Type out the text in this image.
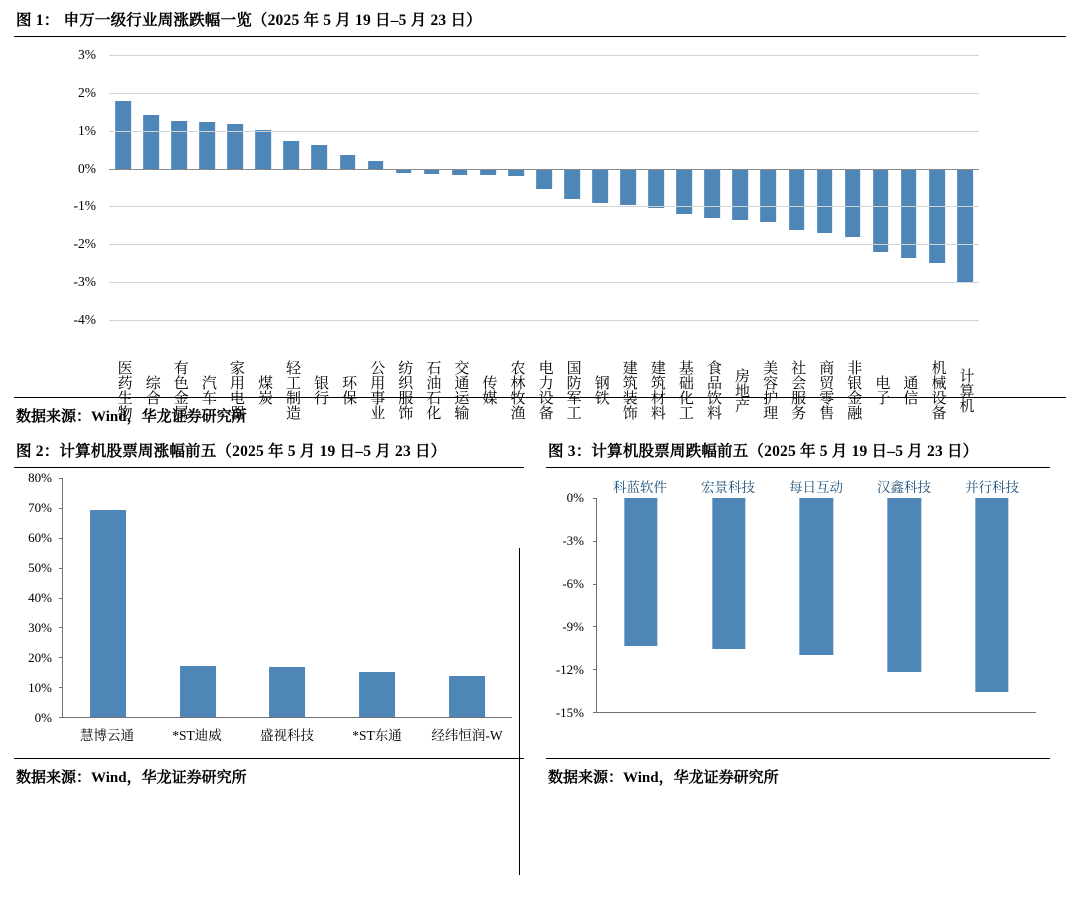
图 1： 申万一级行业周涨跌幅一览（2025 年 5 月 19 日–5 月 23 日）
3%
2%
1%
0%
-1%
-2%
-3%
-4%
医药生物 综合 有色金属 汽车 家用电器 煤炭 轻工制造 银行 环保 公用事业 纺织服饰 石油石化 交通运输 传媒 农林牧渔 电力设备 国防军工 钢铁 建筑装饰 建筑材料 基础化工 食品饮料 房地产 美容护理 社会服务 商贸零售 非银金融 电子 通信 机械设备 计算机
数据来源：Wind，华龙证券研究所
图 2：计算机股票周涨幅前五（2025 年 5 月 19 日–5 月 23 日）
80%
70%
60%
50%
40%
30%
20%
10%
0%
慧博云通	*ST迪威	盛视科技	*ST东通	经纬恒润-W
数据来源：Wind，华龙证券研究所
图 3：计算机股票周跌幅前五（2025 年 5 月 19 日–5 月 23 日）
科蓝软件	宏景科技	每日互动	汉鑫科技	并行科技
0%
-3%
-6%
-9%
-12%
-15%
数据来源：Wind，华龙证券研究所
